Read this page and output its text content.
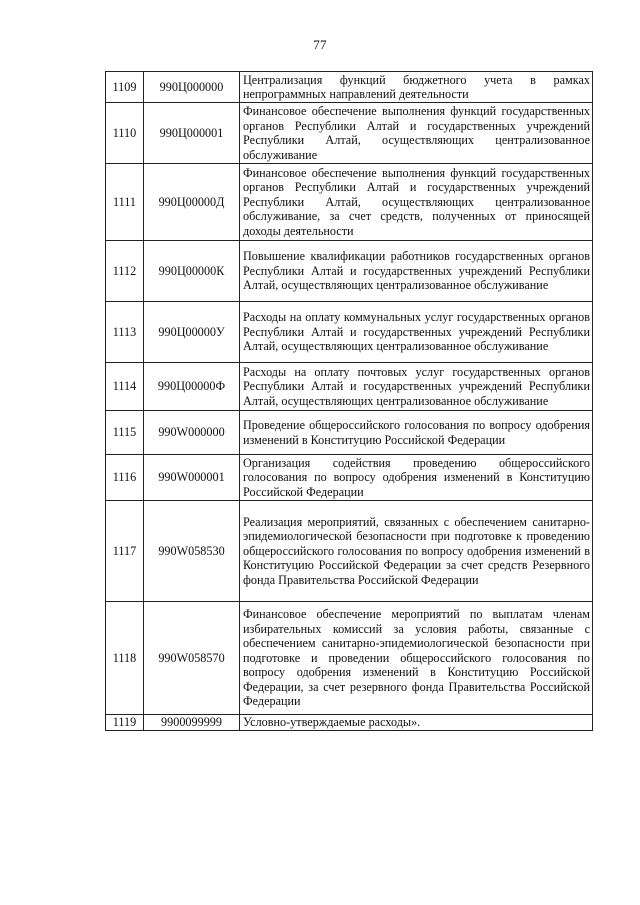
77
1109	990Ц000000	Централизация функций бюджетного учета в рамках непрограммных направлений деятельности
1110	990Ц000001	Финансовое обеспечение выполнения функций государственных органов Республики Алтай и государственных учреждений Республики Алтай, осуществляющих централизованное обслуживание
1111	990Ц00000Д	Финансовое обеспечение выполнения функций государственных органов Республики Алтай и государственных учреждений Республики Алтай, осуществляющих централизованное обслуживание, за счет средств, полученных от приносящей доходы деятельности
1112	990Ц00000К	Повышение квалификации работников государственных органов Республики Алтай и государственных учреждений Республики Алтай, осуществляющих централизованное обслуживание
1113	990Ц00000У	Расходы на оплату коммунальных услуг государственных органов Республики Алтай и государственных учреждений Республики Алтай, осуществляющих централизованное обслуживание
1114	990Ц00000Ф	Расходы на оплату почтовых услуг государственных органов Республики Алтай и государственных учреждений Республики Алтай, осуществляющих централизованное обслуживание
1115	990W000000	Проведение общероссийского голосования по вопросу одобрения изменений в Конституцию Российской Федерации
1116	990W000001	Организация содействия проведению общероссийского голосования по вопросу одобрения изменений в Конституцию Российской Федерации
1117	990W058530	Реализация мероприятий, связанных с обеспечением санитарно-эпидемиологической безопасности при подготовке к проведению общероссийского голосования по вопросу одобрения изменений в Конституцию Российской Федерации за счет средств Резервного фонда Правительства Российской Федерации
1118	990W058570	Финансовое обеспечение мероприятий по выплатам членам избирательных комиссий за условия работы, связанные с обеспечением санитарно-эпидемиологической безопасности при подготовке и проведении общероссийского голосования по вопросу одобрения изменений в Конституцию Российской Федерации, за счет резервного фонда Правительства Российской Федерации
1119	9900099999	Условно-утверждаемые расходы».
